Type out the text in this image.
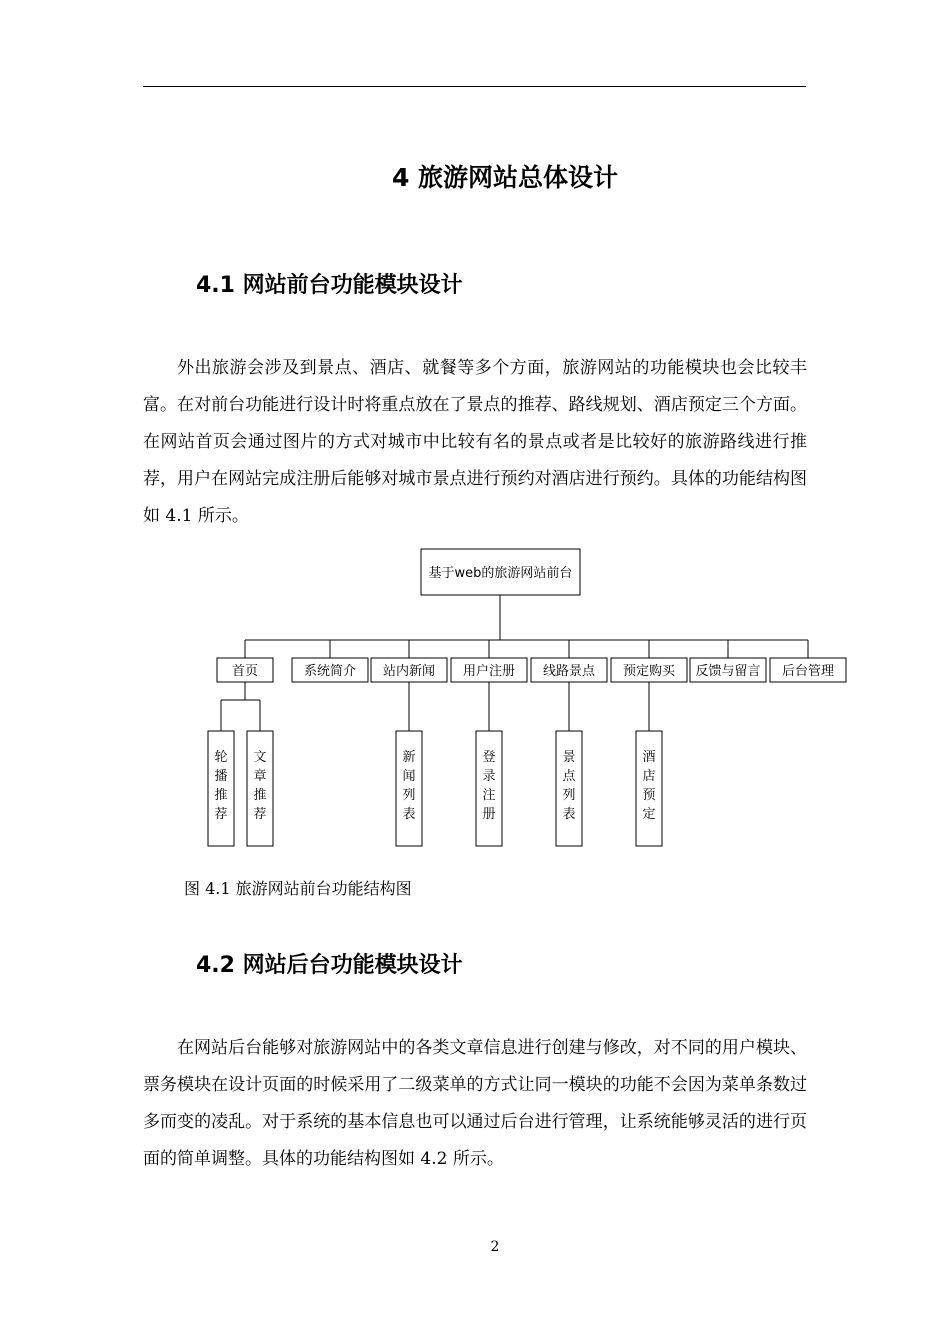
4 旅游网站总体设计
4.1 网站前台功能模块设计

外出旅游会涉及到景点、酒店、就餐等多个方面，旅游网站的功能模块也会比较丰富。在对前台功能进行设计时将重点放在了景点的推荐、路线规划、酒店预定三个方面。在网站首页会通过图片的方式对城市中比较有名的景点或者是比较好的旅游路线进行推荐，用户在网站完成注册后能够对城市景点进行预约对酒店进行预约。具体的功能结构图如 4.1 所示。

基于web的旅游网站前台
首页
轮
播
推
荐
文
章
推
荐
系统简介 站内新闻
新
闻
列
表
用户注册
登
录
注
册
线路景点
景
点
列
表
预定购买
酒
店
预
定
反馈与留言 后台管理
图 4.1 旅游网站前台功能结构图
4.2 网站后台功能模块设计

在网站后台能够对旅游网站中的各类文章信息进行创建与修改，对不同的用户模块、票务模块在设计页面的时候采用了二级菜单的方式让同一模块的功能不会因为菜单条数过多而变的凌乱。对于系统的基本信息也可以通过后台进行管理，让系统能够灵活的进行页面的简单调整。具体的功能结构图如 4.2 所示。

2
